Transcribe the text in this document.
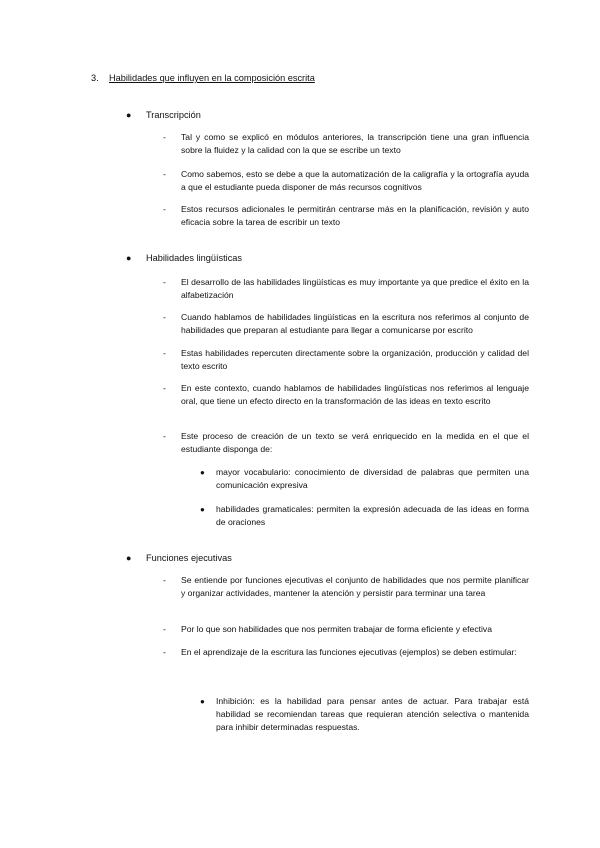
3. Habilidades que influyen en la composición escrita
● Transcripción
- Tal y como se explicó en módulos anteriores, la transcripción tiene una gran influencia sobre la fluidez y la calidad con la que se escribe un texto
- Como sabemos, esto se debe a que la automatización de la caligrafía y la ortografía ayuda a que el estudiante pueda disponer de más recursos cognitivos
- Estos recursos adicionales le permitirán centrarse más en la planificación, revisión y auto eficacia sobre la tarea de escribir un texto
● Habilidades lingüísticas
- El desarrollo de las habilidades lingüísticas es muy importante ya que predice el éxito en la alfabetización
- Cuando hablamos de habilidades lingüísticas en la escritura nos referimos al conjunto de habilidades que preparan al estudiante para llegar a comunicarse por escrito
- Estas habilidades repercuten directamente sobre la organización, producción y calidad del texto escrito
- En este contexto, cuando hablamos de habilidades lingüísticas nos referimos al lenguaje oral, que tiene un efecto directo en la transformación de las ideas en texto escrito
- Este proceso de creación de un texto se verá enriquecido en la medida en el que el estudiante disponga de:
● mayor vocabulario: conocimiento de diversidad de palabras que permiten una comunicación expresiva
● habilidades gramaticales: permiten la expresión adecuada de las ideas en forma de oraciones
● Funciones ejecutivas
- Se entiende por funciones ejecutivas el conjunto de habilidades que nos permite planificar y organizar actividades, mantener la atención y persistir para terminar una tarea
- Por lo que son habilidades que nos permiten trabajar de forma eficiente y efectiva
- En el aprendizaje de la escritura las funciones ejecutivas (ejemplos) se deben estimular:
● Inhibición: es la habilidad para pensar antes de actuar. Para trabajar está habilidad se recomiendan tareas que requieran atención selectiva o mantenida para inhibir determinadas respuestas.
